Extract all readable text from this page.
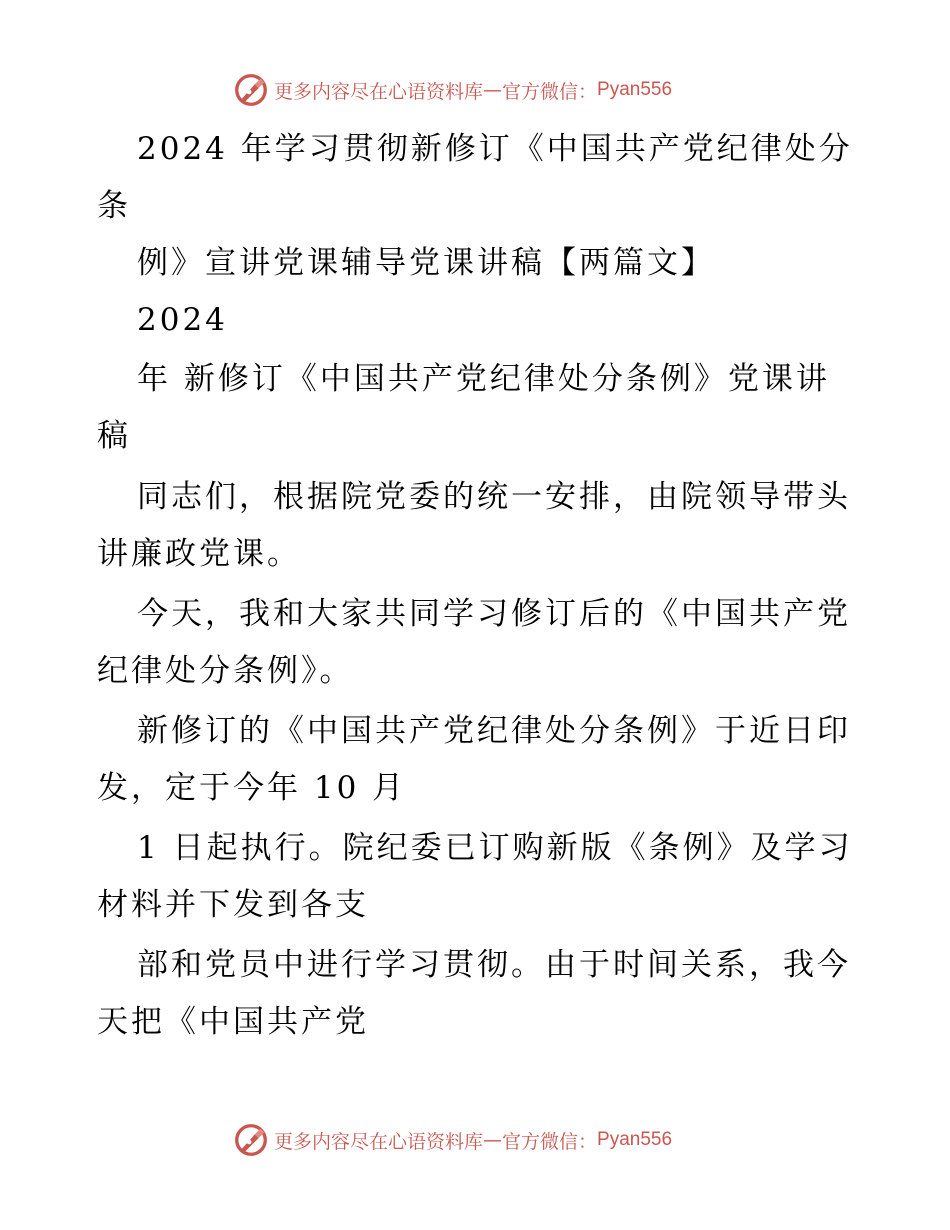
更多内容尽在心语资料库 — 官方微信： Pyan556
2024 年学习贯彻新修订《中国共产党纪律处分
条
例》宣讲党课辅导党课讲稿【两篇文】
2024
年 新修订《中国共产党纪律处分条例》党课讲
稿
同志们，根据院党委的统一安排，由院领导带头
讲廉政党课。
今天，我和大家共同学习修订后的《中国共产党
纪律处分条例》。
新修订的《中国共产党纪律处分条例》于近日印
发，定于今年 10 月
1 日起执行。院纪委已订购新版《条例》及学习
材料并下发到各支
部和党员中进行学习贯彻。由于时间关系，我今
天把《中国共产党
更多内容尽在心语资料库 — 官方微信： Pyan556
